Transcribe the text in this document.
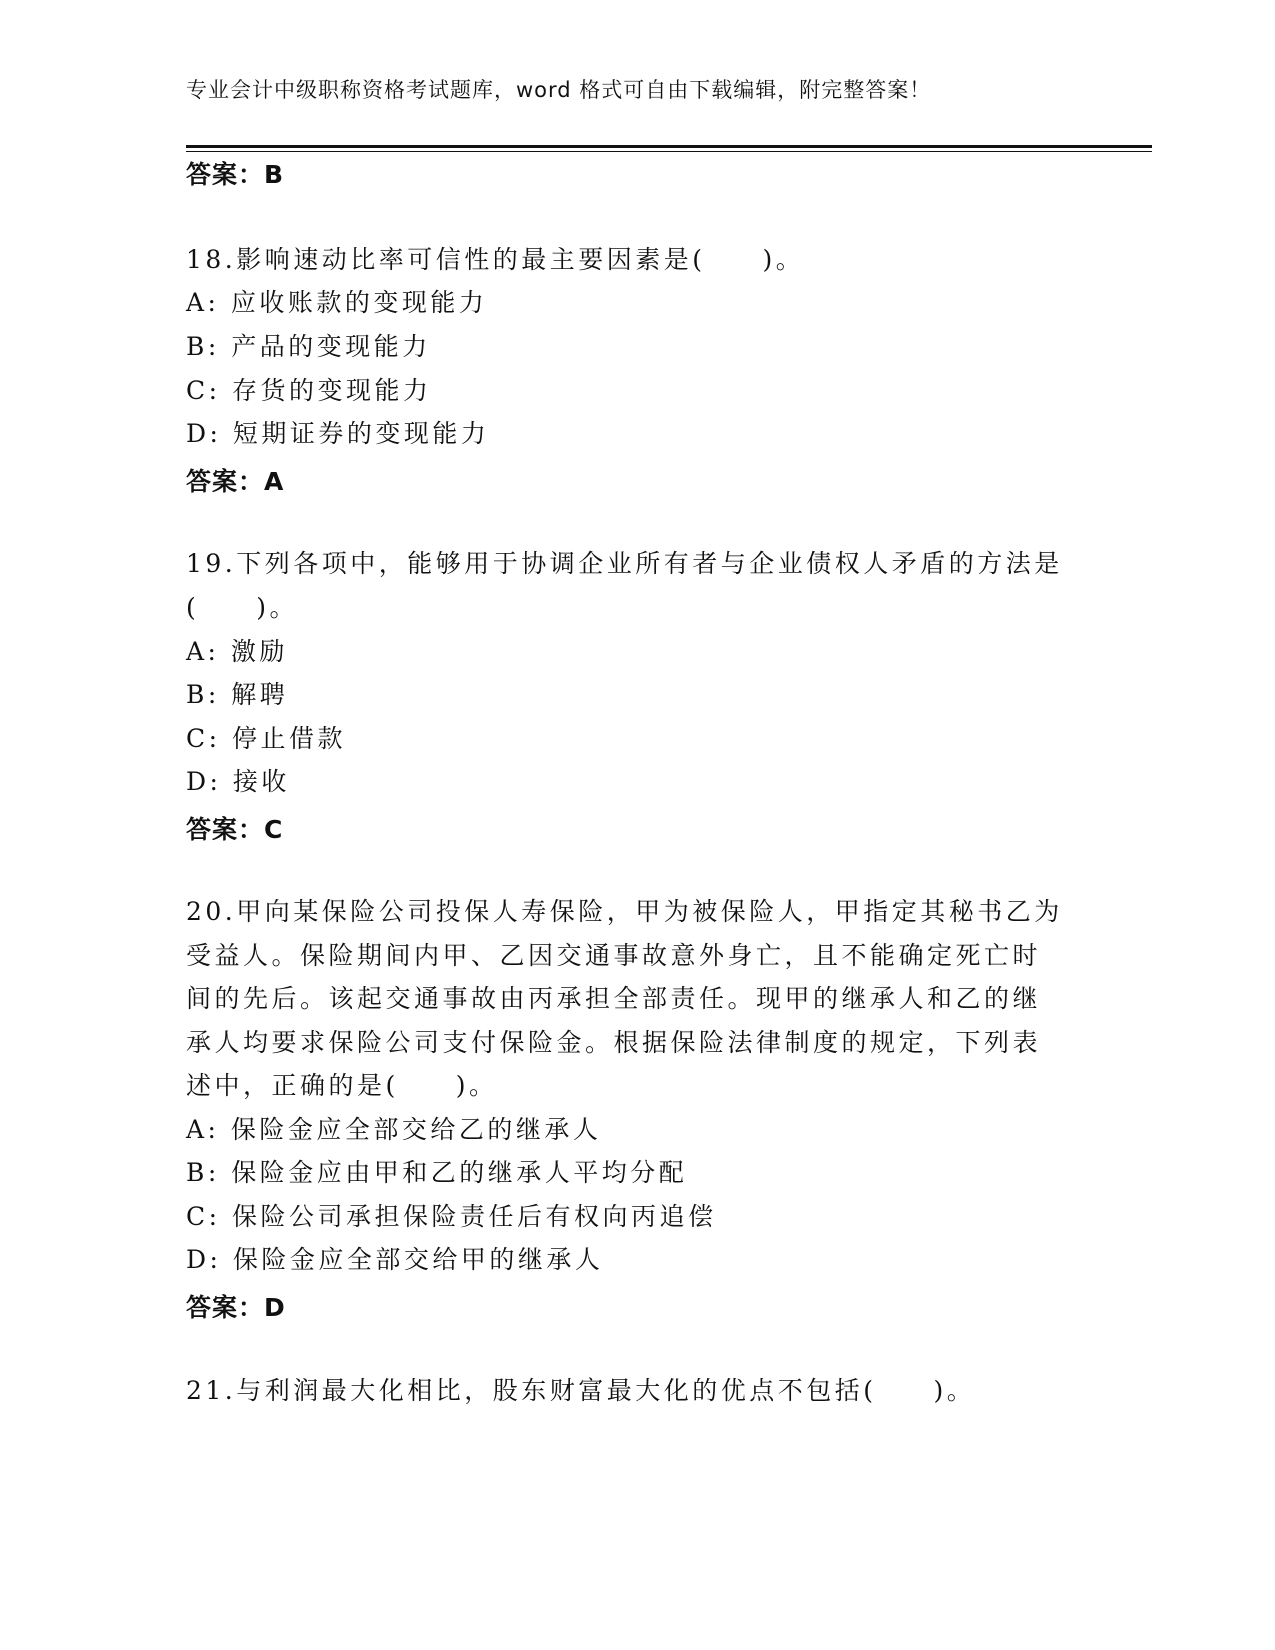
专业会计中级职称资格考试题库，word 格式可自由下载编辑，附完整答案！
答案：B
18.影响速动比率可信性的最主要因素是(　　)。
A: 应收账款的变现能力
B: 产品的变现能力
C: 存货的变现能力
D: 短期证券的变现能力
答案：A
19.下列各项中，能够用于协调企业所有者与企业债权人矛盾的方法是
(　　)。
A: 激励
B: 解聘
C: 停止借款
D: 接收
答案：C
20.甲向某保险公司投保人寿保险，甲为被保险人，甲指定其秘书乙为
受益人。保险期间内甲、乙因交通事故意外身亡，且不能确定死亡时
间的先后。该起交通事故由丙承担全部责任。现甲的继承人和乙的继
承人均要求保险公司支付保险金。根据保险法律制度的规定，下列表
述中，正确的是(　　)。
A: 保险金应全部交给乙的继承人
B: 保险金应由甲和乙的继承人平均分配
C: 保险公司承担保险责任后有权向丙追偿
D: 保险金应全部交给甲的继承人
答案：D
21.与利润最大化相比，股东财富最大化的优点不包括(　　)。
